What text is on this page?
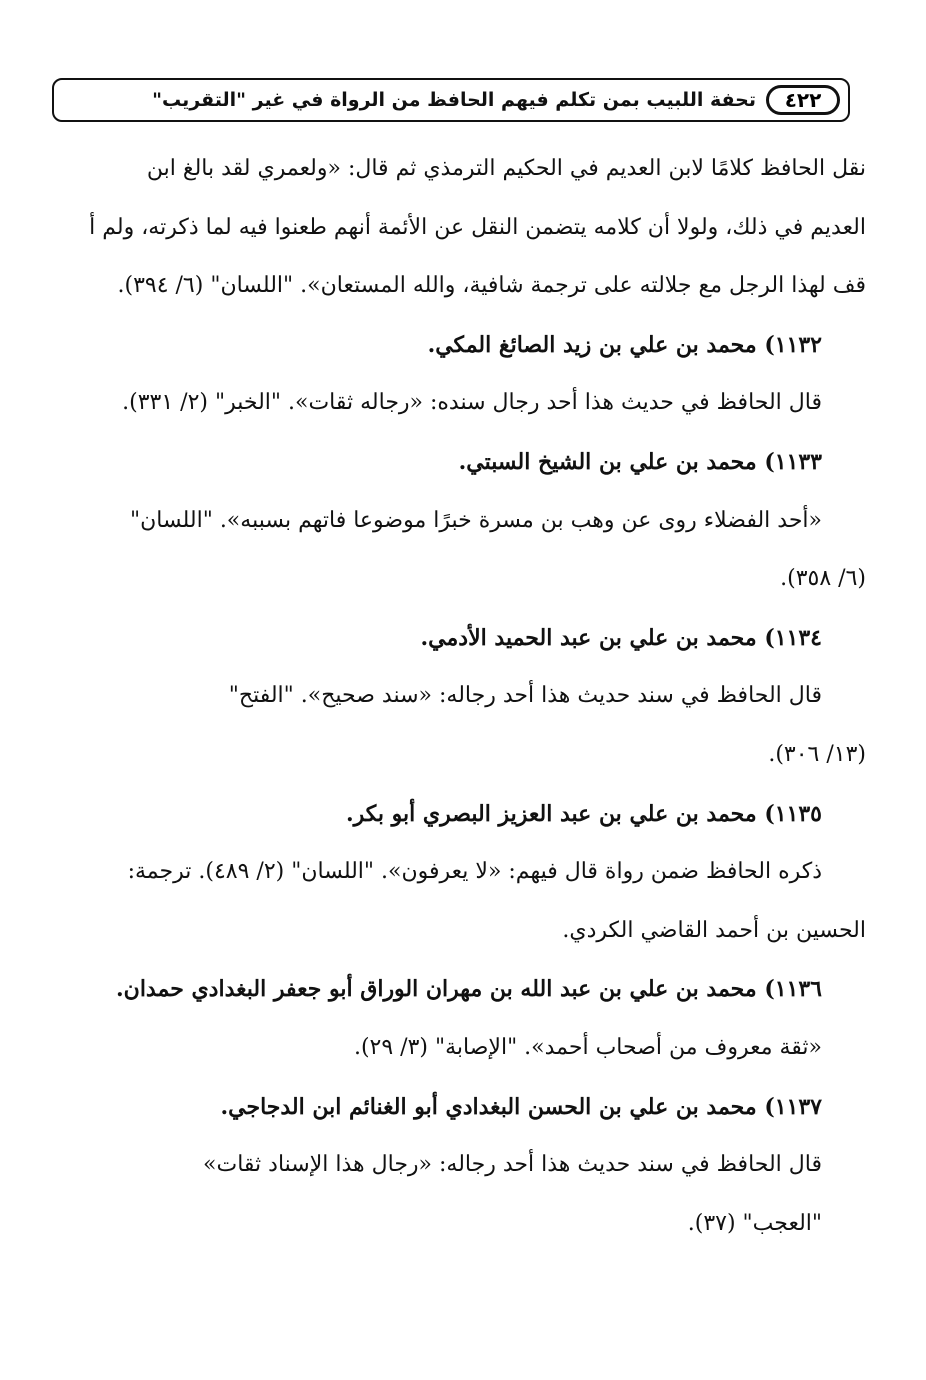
٤٢٢
تحفة اللبيب بمن تكلم فيهم الحافظ من الرواة في غير "التقريب"
نقل الحافظ كلامًا لابن العديم في الحكيم الترمذي ثم قال: «ولعمري لقد بالغ ابن
العديم في ذلك، ولولا أن كلامه يتضمن النقل عن الأئمة أنهم طعنوا فيه لما ذكرته، ولم أ
قف لهذا الرجل مع جلالته على ترجمة شافية، والله المستعان». "اللسان" (٦/ ٣٩٤).
١١٣٢) محمد بن علي بن زيد الصائغ المكي.
قال الحافظ في حديث هذا أحد رجال سنده: «رجاله ثقات». "الخبر" (٢/ ٣٣١).
١١٣٣) محمد بن علي بن الشيخ السبتي.
«أحد الفضلاء روى عن وهب بن مسرة خبرًا موضوعا فاتهم بسببه». "اللسان"
(٦/ ٣٥٨).
١١٣٤) محمد بن علي بن عبد الحميد الأدمي.
قال الحافظ في سند حديث هذا أحد رجاله: «سند صحيح». "الفتح"
(١٣/ ٣٠٦).
١١٣٥) محمد بن علي بن عبد العزيز البصري أبو بكر.
ذكره الحافظ ضمن رواة قال فيهم: «لا يعرفون». "اللسان" (٢/ ٤٨٩). ترجمة:
الحسين بن أحمد القاضي الكردي.
١١٣٦) محمد بن علي بن عبد الله بن مهران الوراق أبو جعفر البغدادي حمدان.
«ثقة معروف من أصحاب أحمد». "الإصابة" (٣/ ٢٩).
١١٣٧) محمد بن علي بن الحسن البغدادي أبو الغنائم ابن الدجاجي.
قال الحافظ في سند حديث هذا أحد رجاله: «رجال هذا الإسناد ثقات»
"العجب" (٣٧).
